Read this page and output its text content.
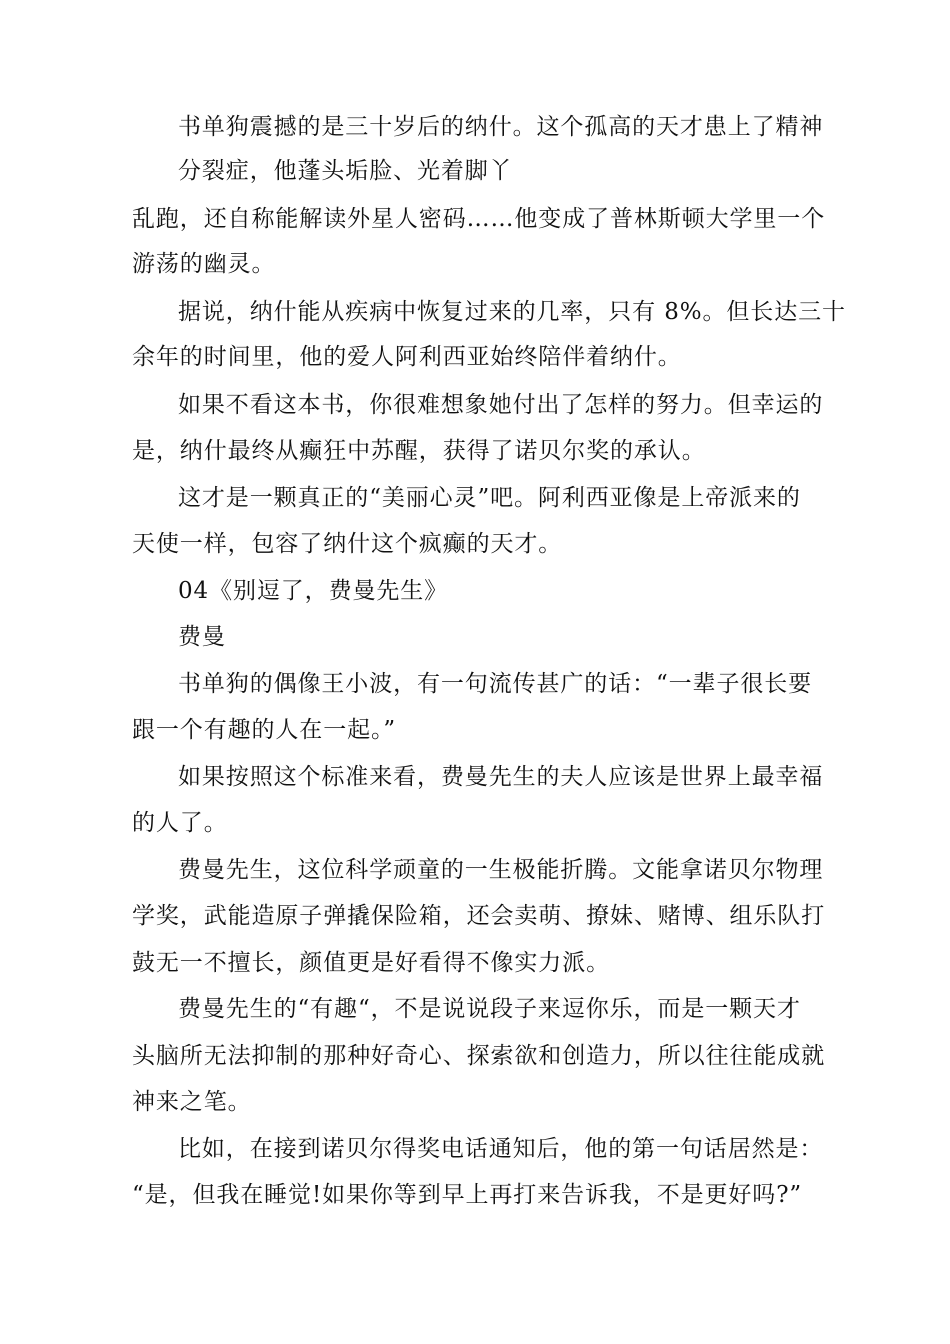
书单狗震撼的是三十岁后的纳什。这个孤高的天才患上了精神
分裂症，他蓬头垢脸、光着脚丫
乱跑，还自称能解读外星人密码……他变成了普林斯顿大学里一个
游荡的幽灵。
据说，纳什能从疾病中恢复过来的几率，只有 8%。但长达三十
余年的时间里，他的爱人阿利西亚始终陪伴着纳什。
如果不看这本书，你很难想象她付出了怎样的努力。但幸运的
是，纳什最终从癫狂中苏醒，获得了诺贝尔奖的承认。
这才是一颗真正的“美丽心灵”吧。阿利西亚像是上帝派来的
天使一样，包容了纳什这个疯癫的天才。
04《别逗了，费曼先生》
费曼
书单狗的偶像王小波，有一句流传甚广的话：“一辈子很长要
跟一个有趣的人在一起。”
如果按照这个标准来看，费曼先生的夫人应该是世界上最幸福
的人了。
费曼先生，这位科学顽童的一生极能折腾。文能拿诺贝尔物理
学奖，武能造原子弹撬保险箱，还会卖萌、撩妹、赌博、组乐队打
鼓无一不擅长，颜值更是好看得不像实力派。
费曼先生的“有趣“，不是说说段子来逗你乐，而是一颗天才
头脑所无法抑制的那种好奇心、探索欲和创造力，所以往往能成就
神来之笔。
比如，在接到诺贝尔得奖电话通知后，他的第一句话居然是：
“是，但我在睡觉!如果你等到早上再打来告诉我，不是更好吗?”
